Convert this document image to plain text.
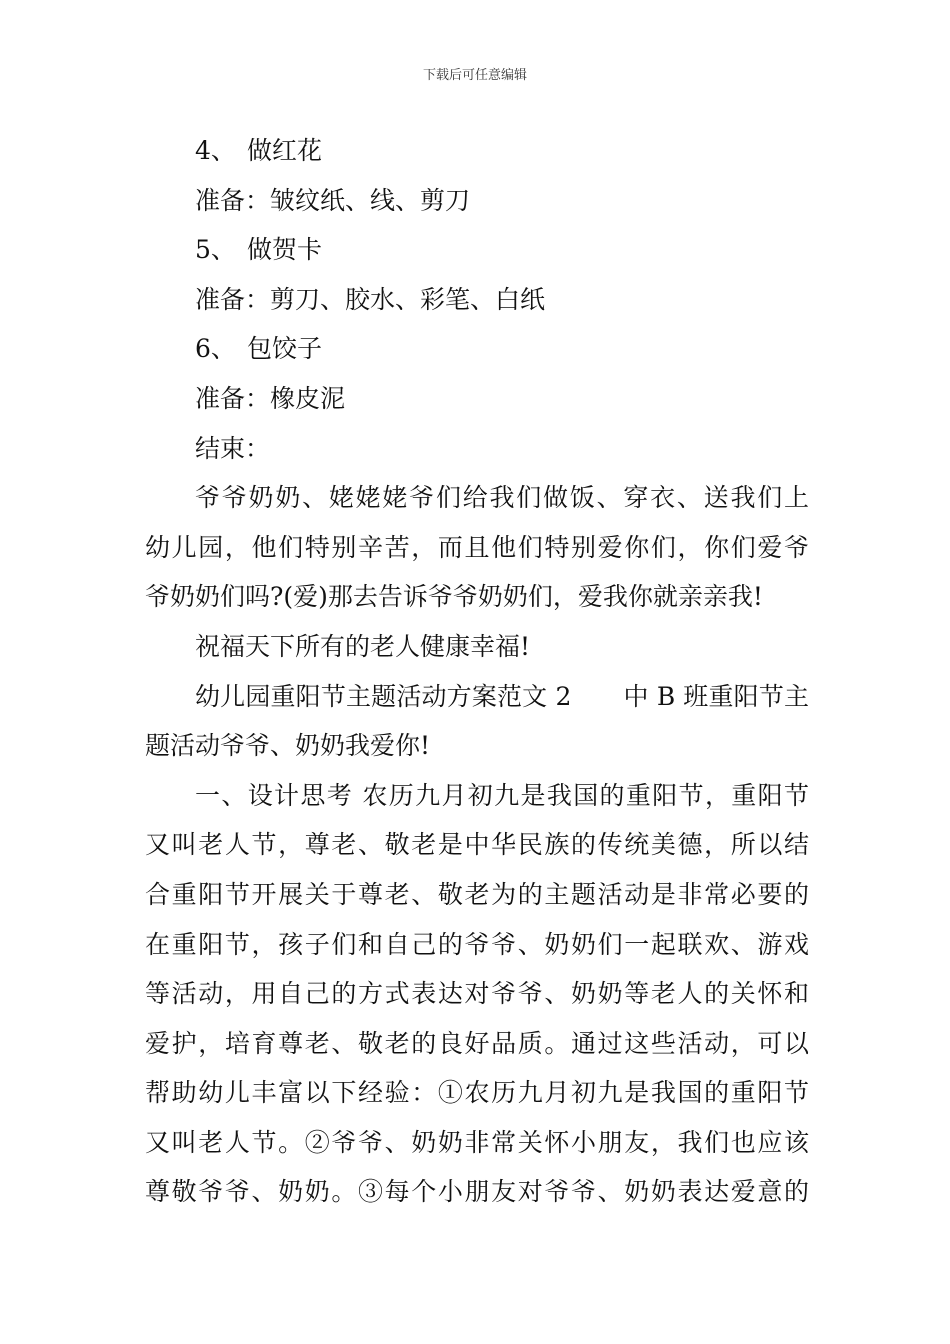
下载后可任意编辑

4、 做红花

准备：皱纹纸、线、剪刀

5、 做贺卡

准备：剪刀、胶水、彩笔、白纸

6、 包饺子

准备：橡皮泥

结束：

爷爷奶奶、姥姥姥爷们给我们做饭、穿衣、送我们上

幼儿园，他们特别辛苦，而且他们特别爱你们，你们爱爷

爷奶奶们吗?(爱)那去告诉爷爷奶奶们，爱我你就亲亲我!

祝福天下所有的老人健康幸福!

幼儿园重阳节主题活动方案范文 2 中 B 班重阳节主

题活动爷爷、奶奶我爱你!

一、设计思考 农历九月初九是我国的重阳节，重阳节

又叫老人节，尊老、敬老是中华民族的传统美德，所以结

合重阳节开展关于尊老、敬老为的主题活动是非常必要的

在重阳节，孩子们和自己的爷爷、奶奶们一起联欢、游戏

等活动，用自己的方式表达对爷爷、奶奶等老人的关怀和

爱护，培育尊老、敬老的良好品质。通过这些活动，可以

帮助幼儿丰富以下经验：①农历九月初九是我国的重阳节

又叫老人节。②爷爷、奶奶非常关怀小朋友，我们也应该

尊敬爷爷、奶奶。③每个小朋友对爷爷、奶奶表达爱意的
